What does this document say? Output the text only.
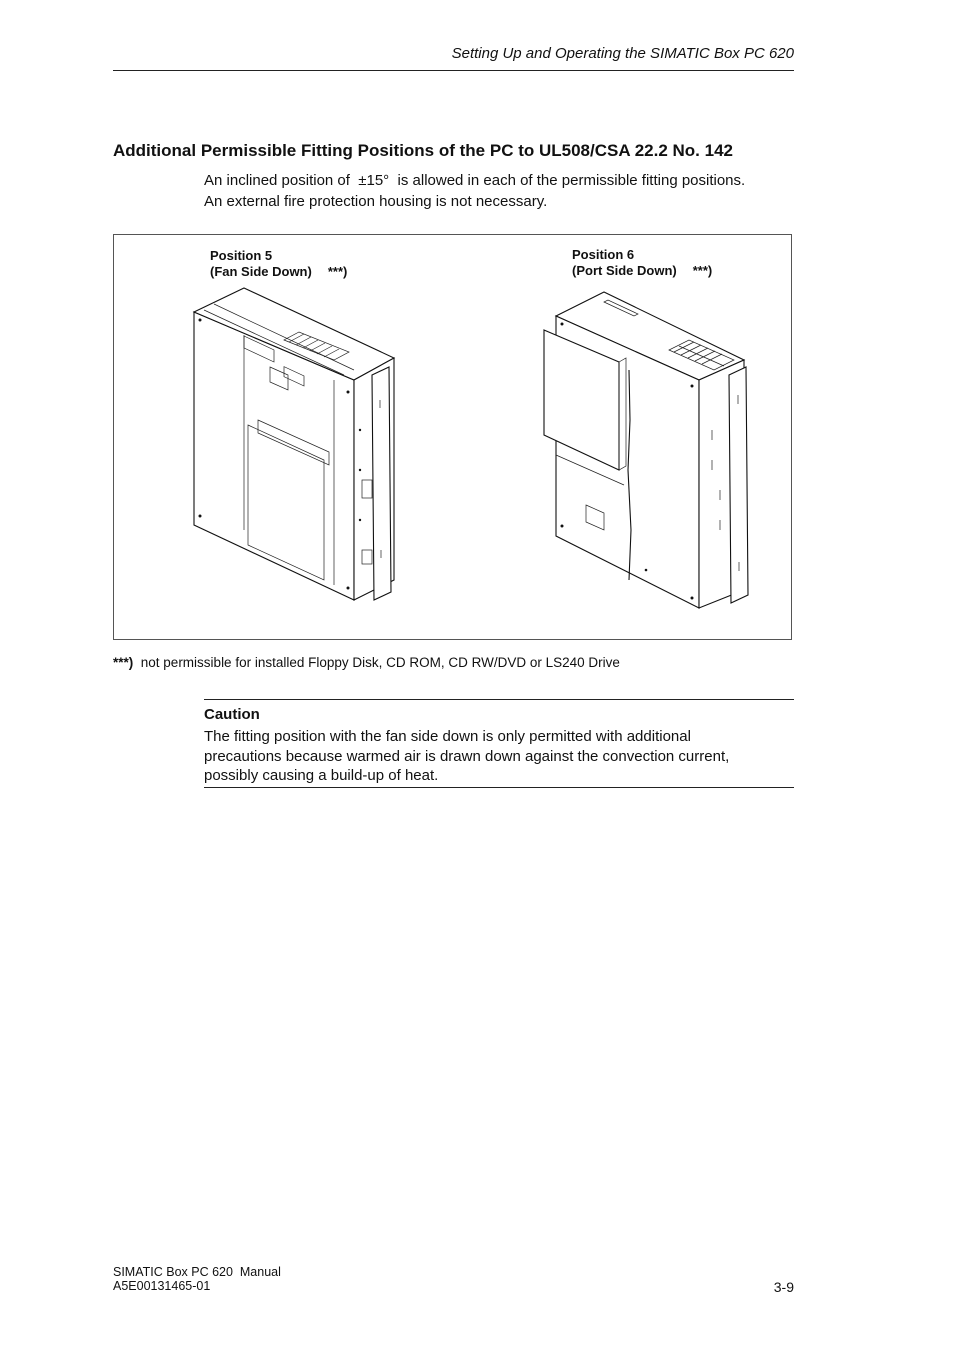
Setting Up and Operating the SIMATIC Box PC 620
Additional Permissible Fitting Positions of the PC to UL508/CSA 22.2 No. 142
An inclined position of  ±15°  is allowed in each of the permissible fitting positions.
An external fire protection housing is not necessary.
Position 5
(Fan Side Down) ***)
Position 6
(Port Side Down) ***)
***) not permissible for installed Floppy Disk, CD ROM, CD RW/DVD or LS240 Drive
Caution
The fitting position with the fan side down is only permitted with additional
precautions because warmed air is drawn down against the convection current,
possibly causing a build-up of heat.
SIMATIC Box PC 620  Manual
A5E00131465-01	3-9
